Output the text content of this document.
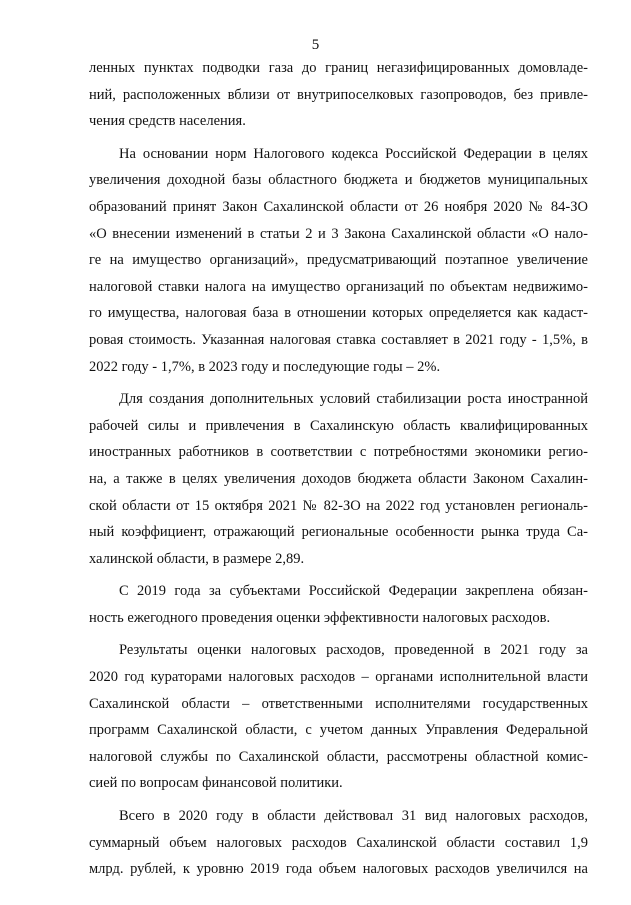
5
ленных пунктах подводки газа до границ негазифицированных домовладе-
ний, расположенных вблизи от внутрипоселковых газопроводов, без привле-
чения средств населения.
На основании норм Налогового кодекса Российской Федерации в целях
увеличения доходной базы областного бюджета и бюджетов муниципальных
образований принят Закон Сахалинской области от 26 ноября 2020 № 84-ЗО
«О внесении изменений в статьи 2 и 3 Закона Сахалинской области «О нало-
ге на имущество организаций», предусматривающий поэтапное увеличение
налоговой ставки налога на имущество организаций по объектам недвижимо-
го имущества, налоговая база в отношении которых определяется как кадаст-
ровая стоимость. Указанная налоговая ставка составляет в 2021 году - 1,5%, в
2022 году - 1,7%, в 2023 году и последующие годы – 2%.
Для создания дополнительных условий стабилизации роста иностранной
рабочей силы и привлечения в Сахалинскую область квалифицированных
иностранных работников в соответствии с потребностями экономики регио-
на, а также в целях увеличения доходов бюджета области Законом Сахалин-
ской области от 15 октября 2021 № 82-ЗО на 2022 год установлен региональ-
ный коэффициент, отражающий региональные особенности рынка труда Са-
халинской области, в размере 2,89.
С 2019 года за субъектами Российской Федерации закреплена обязан-
ность ежегодного проведения оценки эффективности налоговых расходов.
Результаты оценки налоговых расходов, проведенной в 2021 году за
2020 год кураторами налоговых расходов – органами исполнительной власти
Сахалинской области – ответственными исполнителями государственных
программ Сахалинской области, с учетом данных Управления Федеральной
налоговой службы по Сахалинской области, рассмотрены областной комис-
сией по вопросам финансовой политики.
Всего в 2020 году в области действовал 31 вид налоговых расходов,
суммарный объем налоговых расходов Сахалинской области составил 1,9
млрд. рублей, к уровню 2019 года объем налоговых расходов увеличился на
